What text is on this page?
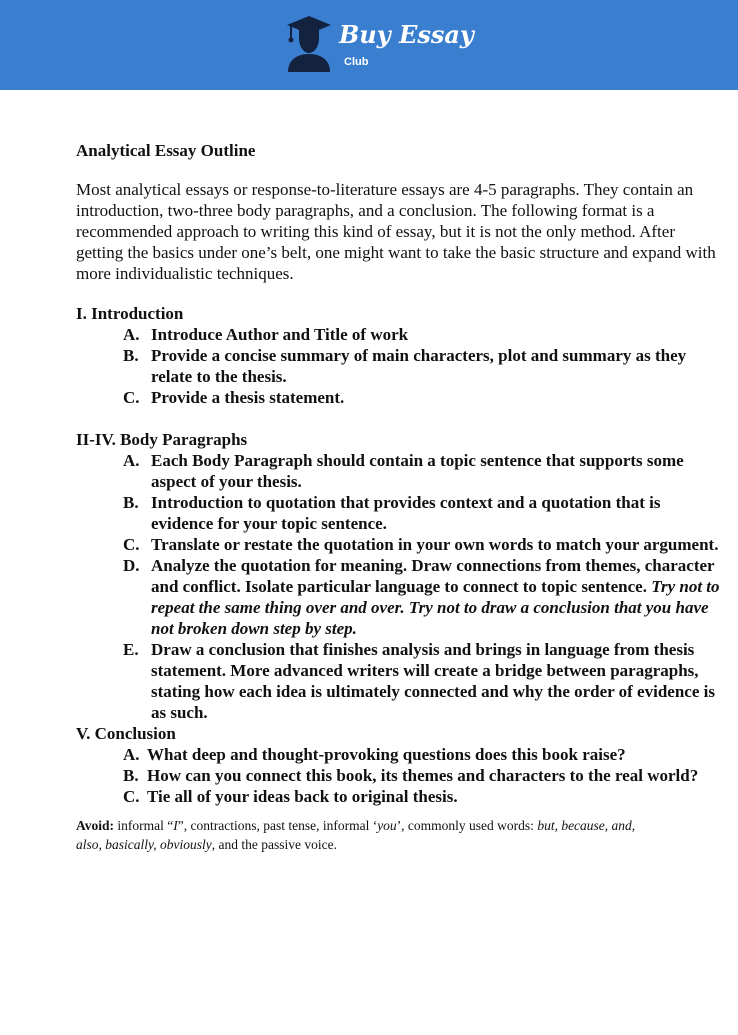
Buy Essay
Club
Analytical Essay Outline
Most analytical essays or response-to-literature essays are 4-5 paragraphs. They contain an introduction, two-three body paragraphs, and a conclusion. The following format is a recommended approach to writing this kind of essay, but it is not the only method. After getting the basics under one’s belt, one might want to take the basic structure and expand with more individualistic techniques.
I. Introduction
A. Introduce Author and Title of work
B. Provide a concise summary of main characters, plot and summary as they relate to the thesis.
C. Provide a thesis statement.
II-IV. Body Paragraphs
A. Each Body Paragraph should contain a topic sentence that supports some aspect of your thesis.
B. Introduction to quotation that provides context and a quotation that is evidence for your topic sentence.
C. Translate or restate the quotation in your own words to match your argument.
D. Analyze the quotation for meaning. Draw connections from themes, character and conflict. Isolate particular language to connect to topic sentence. Try not to repeat the same thing over and over. Try not to draw a conclusion that you have not broken down step by step.
E. Draw a conclusion that finishes analysis and brings in language from thesis statement. More advanced writers will create a bridge between paragraphs, stating how each idea is ultimately connected and why the order of evidence is as such.
V. Conclusion
A. What deep and thought-provoking questions does this book raise?
B. How can you connect this book, its themes and characters to the real world?
C. Tie all of your ideas back to original thesis.
Avoid: informal “I”, contractions, past tense, informal ‘you’, commonly used words: but, because, and, also, basically, obviously, and the passive voice.
